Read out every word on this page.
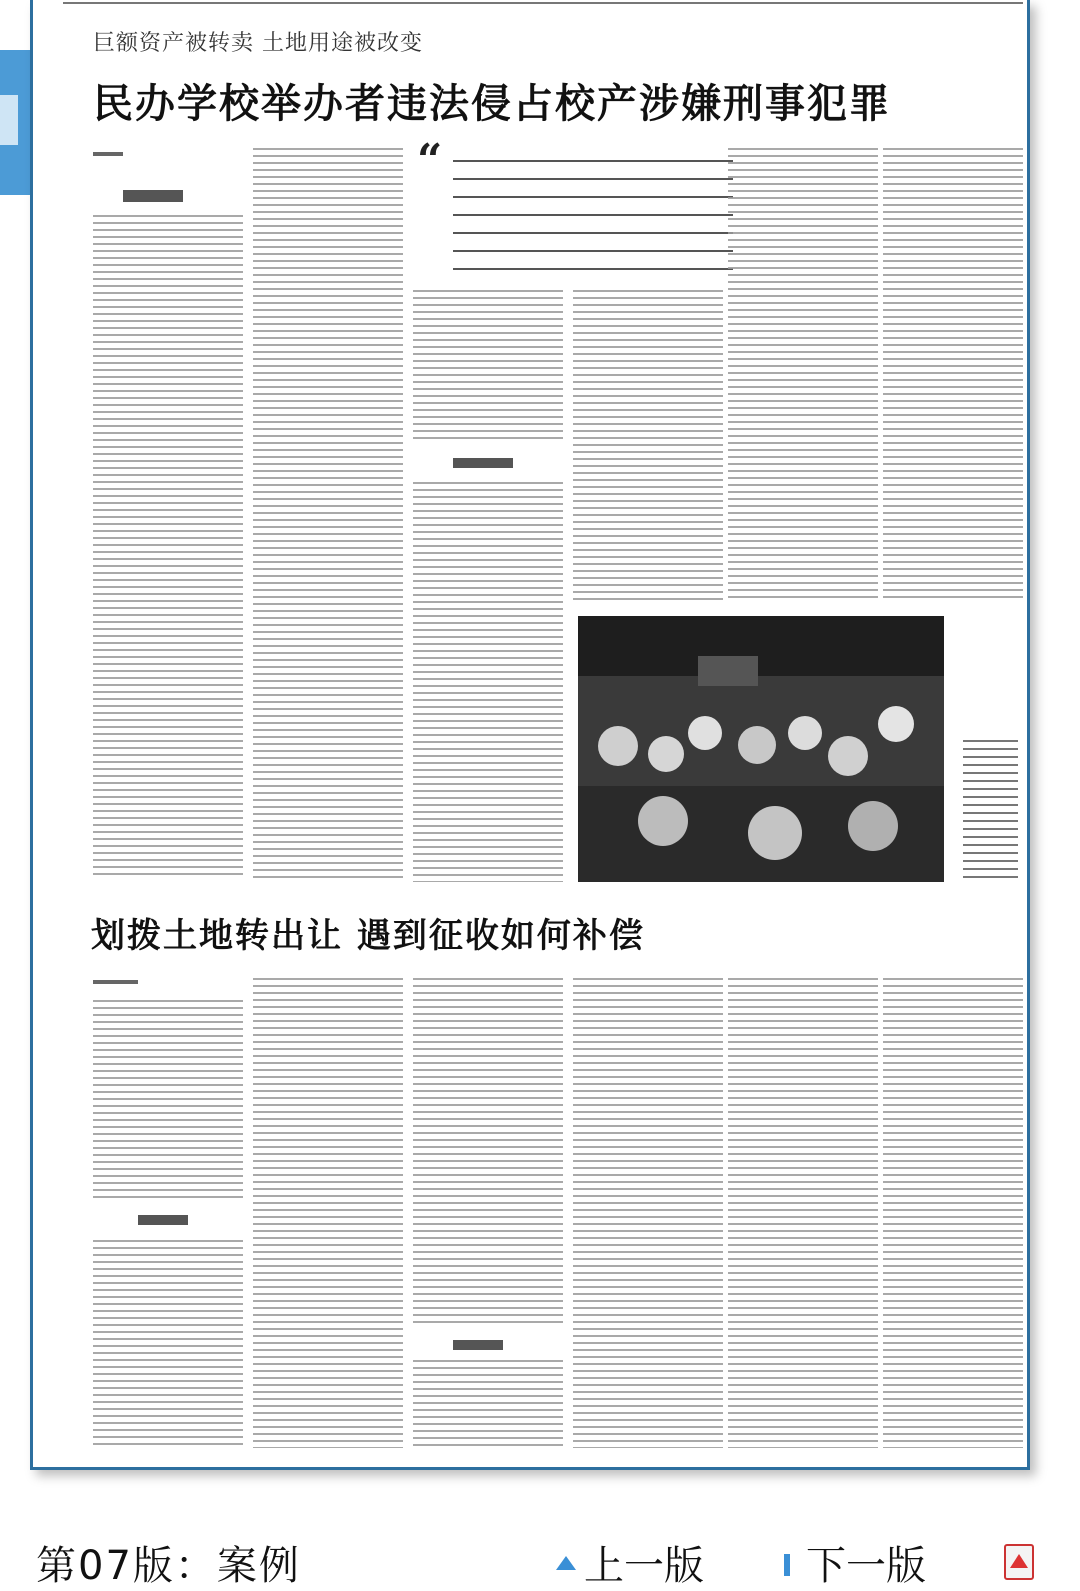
巨额资产被转卖 土地用途被改变
民办学校举办者违法侵占校产涉嫌刑事犯罪
“
划拨土地转出让 遇到征收如何补偿
第07版：案例	上一版	下一版
